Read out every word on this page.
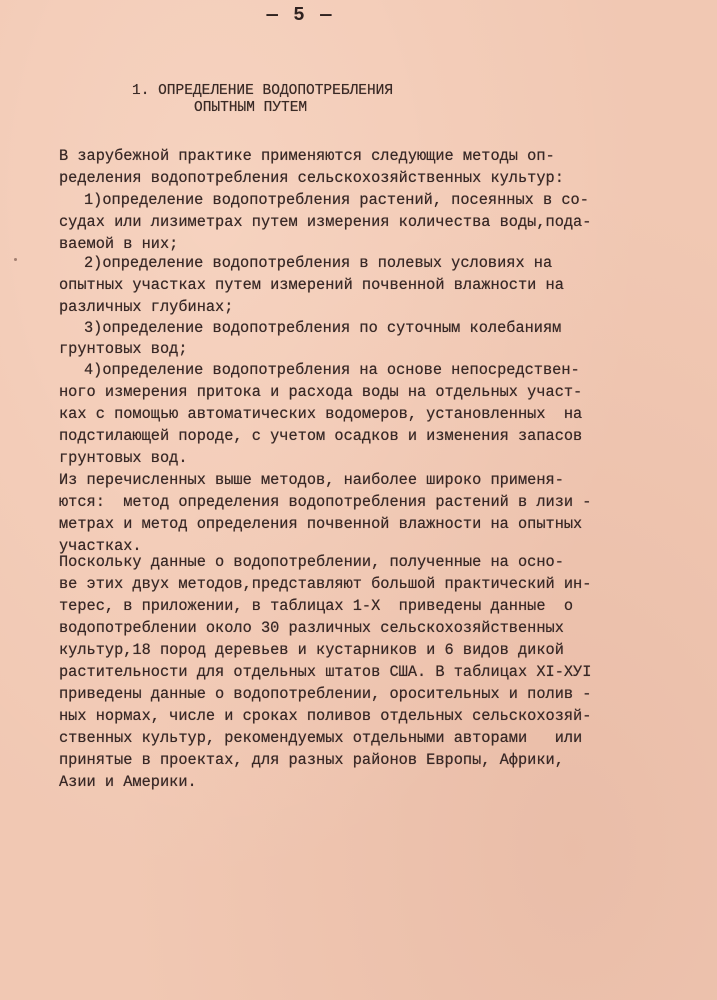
— 5 —
1. ОПРЕДЕЛЕНИЕ ВОДОПОТРЕБЛЕНИЯ
ОПЫТНЫМ ПУТЕМ
В зарубежной практике применяются следующие методы оп-
ределения водопотребления сельскохозяйственных культур:
1)определение водопотребления растений, посеянных в со-
судах или лизиметрах путем измерения количества воды,пода-
ваемой в них;
2)определение водопотребления в полевых условиях на
опытных участках путем измерений почвенной влажности на
различных глубинах;
3)определение водопотребления по суточным колебаниям
грунтовых вод;
4)определение водопотребления на основе непосредствен-
ного измерения притока и расхода воды на отдельных участ-
ках с помощью автоматических водомеров, установленных  на
подстилающей породе, с учетом осадков и изменения запасов
грунтовых вод.
Из перечисленных выше методов, наиболее широко применя-
ются:  метод определения водопотребления растений в лизи -
метрах и метод определения почвенной влажности на опытных
участках.
Поскольку данные о водопотреблении, полученные на осно-
ве этих двух методов,представляют большой практический ин-
терес, в приложении, в таблицах 1-Х  приведены данные  о
водопотреблении около 30 различных сельскохозяйственных
культур,18 пород деревьев и кустарников и 6 видов дикой
растительности для отдельных штатов США. В таблицах ХI-ХУI
приведены данные о водопотреблении, оросительных и полив -
ных нормах, числе и сроках поливов отдельных сельскохозяй-
ственных культур, рекомендуемых отдельными авторами   или
принятые в проектах, для разных районов Европы, Африки,
Азии и Америки.
